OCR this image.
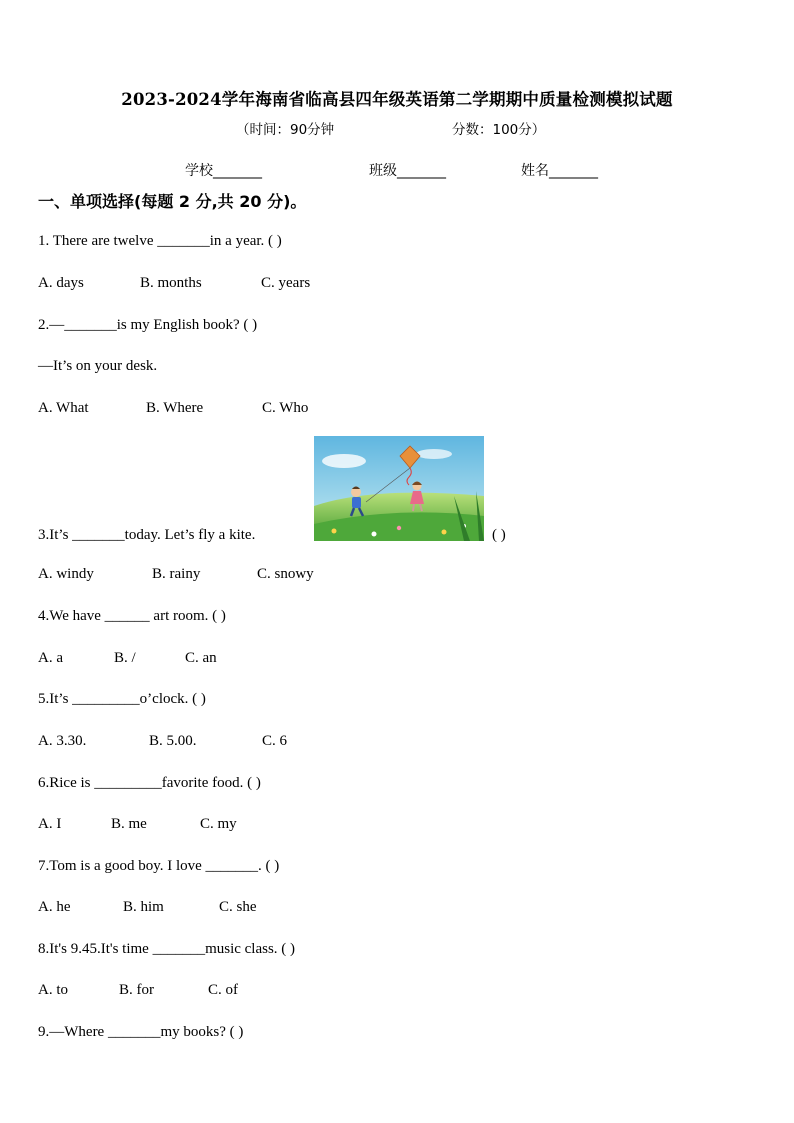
2023-2024学年海南省临高县四年级英语第二学期期中质量检测模拟试题
（时间：90分钟	分数：100分）
学校_______	班级_______	姓名_______
一、单项选择(每题 2 分,共 20 分)。
1. There are twelve _______in a year. ( )
A. days	B. months	C. years
2.—_______is my English book? ( )
—It’s on your desk.
A. What	B. Where	C. Who
3.It’s _______today. Let’s fly a kite.	( )
A. windy	B. rainy	C. snowy
4.We have ______ art room. ( )
A. a	B. /	C. an
5.It’s _________o’clock. ( )
A. 3.30.	B. 5.00.	C. 6
6.Rice is _________favorite food. ( )
A. I	B. me	C. my
7.Tom is a good boy. I love _______. ( )
A. he	B. him	C. she
8.It's 9.45.It's time _______music class. ( )
A. to	B. for	C. of
9.—Where _______my books? ( )
